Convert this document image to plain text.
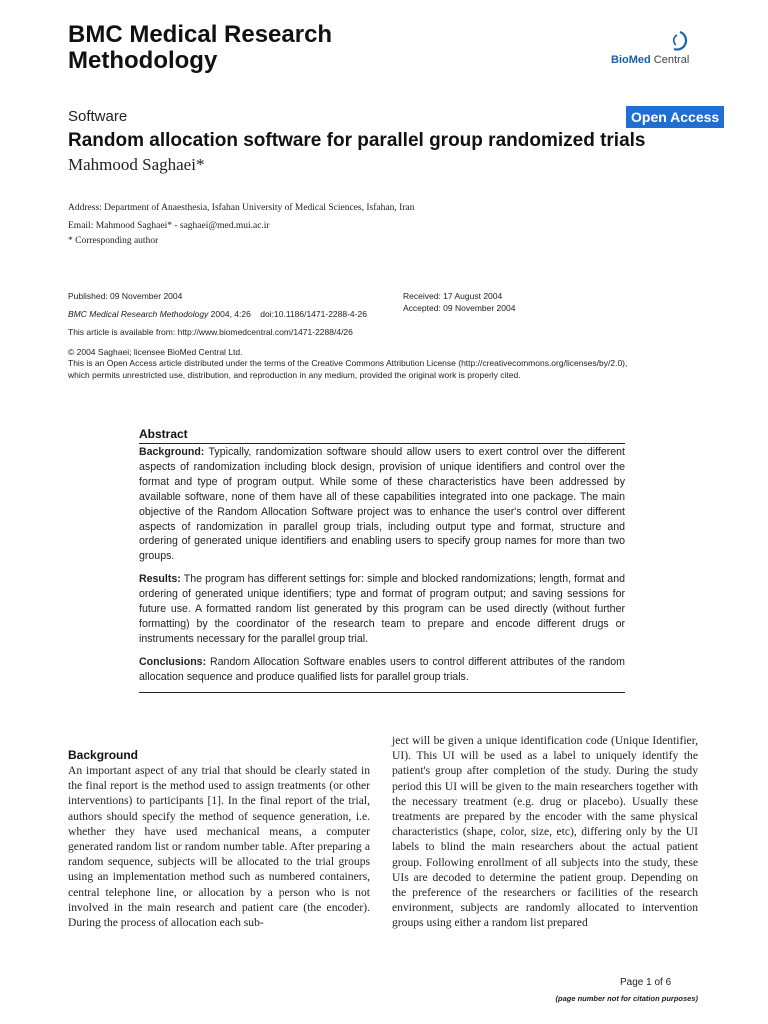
BMC Medical Research
Methodology	BioMed Central
Software	Open Access
Random allocation software for parallel group randomized trials
Mahmood Saghaei*
Address: Department of Anaesthesia, Isfahan University of Medical Sciences, Isfahan, Iran
Email: Mahmood Saghaei* - saghaei@med.mui.ac.ir
* Corresponding author
Published: 09 November 2004
BMC Medical Research Methodology 2004, 4:26    doi:10.1186/1471-2288-4-26
This article is available from: http://www.biomedcentral.com/1471-2288/4/26
Received: 17 August 2004
Accepted: 09 November 2004
© 2004 Saghaei; licensee BioMed Central Ltd.
This is an Open Access article distributed under the terms of the Creative Commons Attribution License (http://creativecommons.org/licenses/by/2.0),
which permits unrestricted use, distribution, and reproduction in any medium, provided the original work is properly cited.
Abstract
Background: Typically, randomization software should allow users to exert control over the different aspects of randomization including block design, provision of unique identifiers and control over the format and type of program output. While some of these characteristics have been addressed by available software, none of them have all of these capabilities integrated into one package. The main objective of the Random Allocation Software project was to enhance the user's control over different aspects of randomization in parallel group trials, including output type and format, structure and ordering of generated unique identifiers and enabling users to specify group names for more than two groups.
Results: The program has different settings for: simple and blocked randomizations; length, format and ordering of generated unique identifiers; type and format of program output; and saving sessions for future use. A formatted random list generated by this program can be used directly (without further formatting) by the coordinator of the research team to prepare and encode different drugs or instruments necessary for the parallel group trial.
Conclusions: Random Allocation Software enables users to control different attributes of the random allocation sequence and produce qualified lists for parallel group trials.
Background

An important aspect of any trial that should be clearly stated in the final report is the method used to assign treatments (or other interventions) to participants [1]. In the final report of the trial, authors should specify the method of sequence generation, i.e. whether they have used mechanical means, a computer generated random list or random number table. After preparing a random sequence, subjects will be allocated to the trial groups using an implementation method such as numbered containers, central telephone line, or allocation by a person who is not involved in the main research and patient care (the encoder). During the process of allocation each sub-

ject will be given a unique identification code (Unique Identifier, UI). This UI will be used as a label to uniquely identify the patient's group after completion of the study. During the study period this UI will be given to the main researchers together with the necessary treatment (e.g. drug or placebo). Usually these treatments are prepared by the encoder with the same physical characteristics (shape, color, size, etc), differing only by the UI labels to blind the main researchers about the actual patient group. Following enrollment of all subjects into the study, these UIs are decoded to determine the patient group. Depending on the preference of the researchers or facilities of the research environment, subjects are randomly allocated to intervention groups using either a random list prepared

Page 1 of 6
(page number not for citation purposes)
